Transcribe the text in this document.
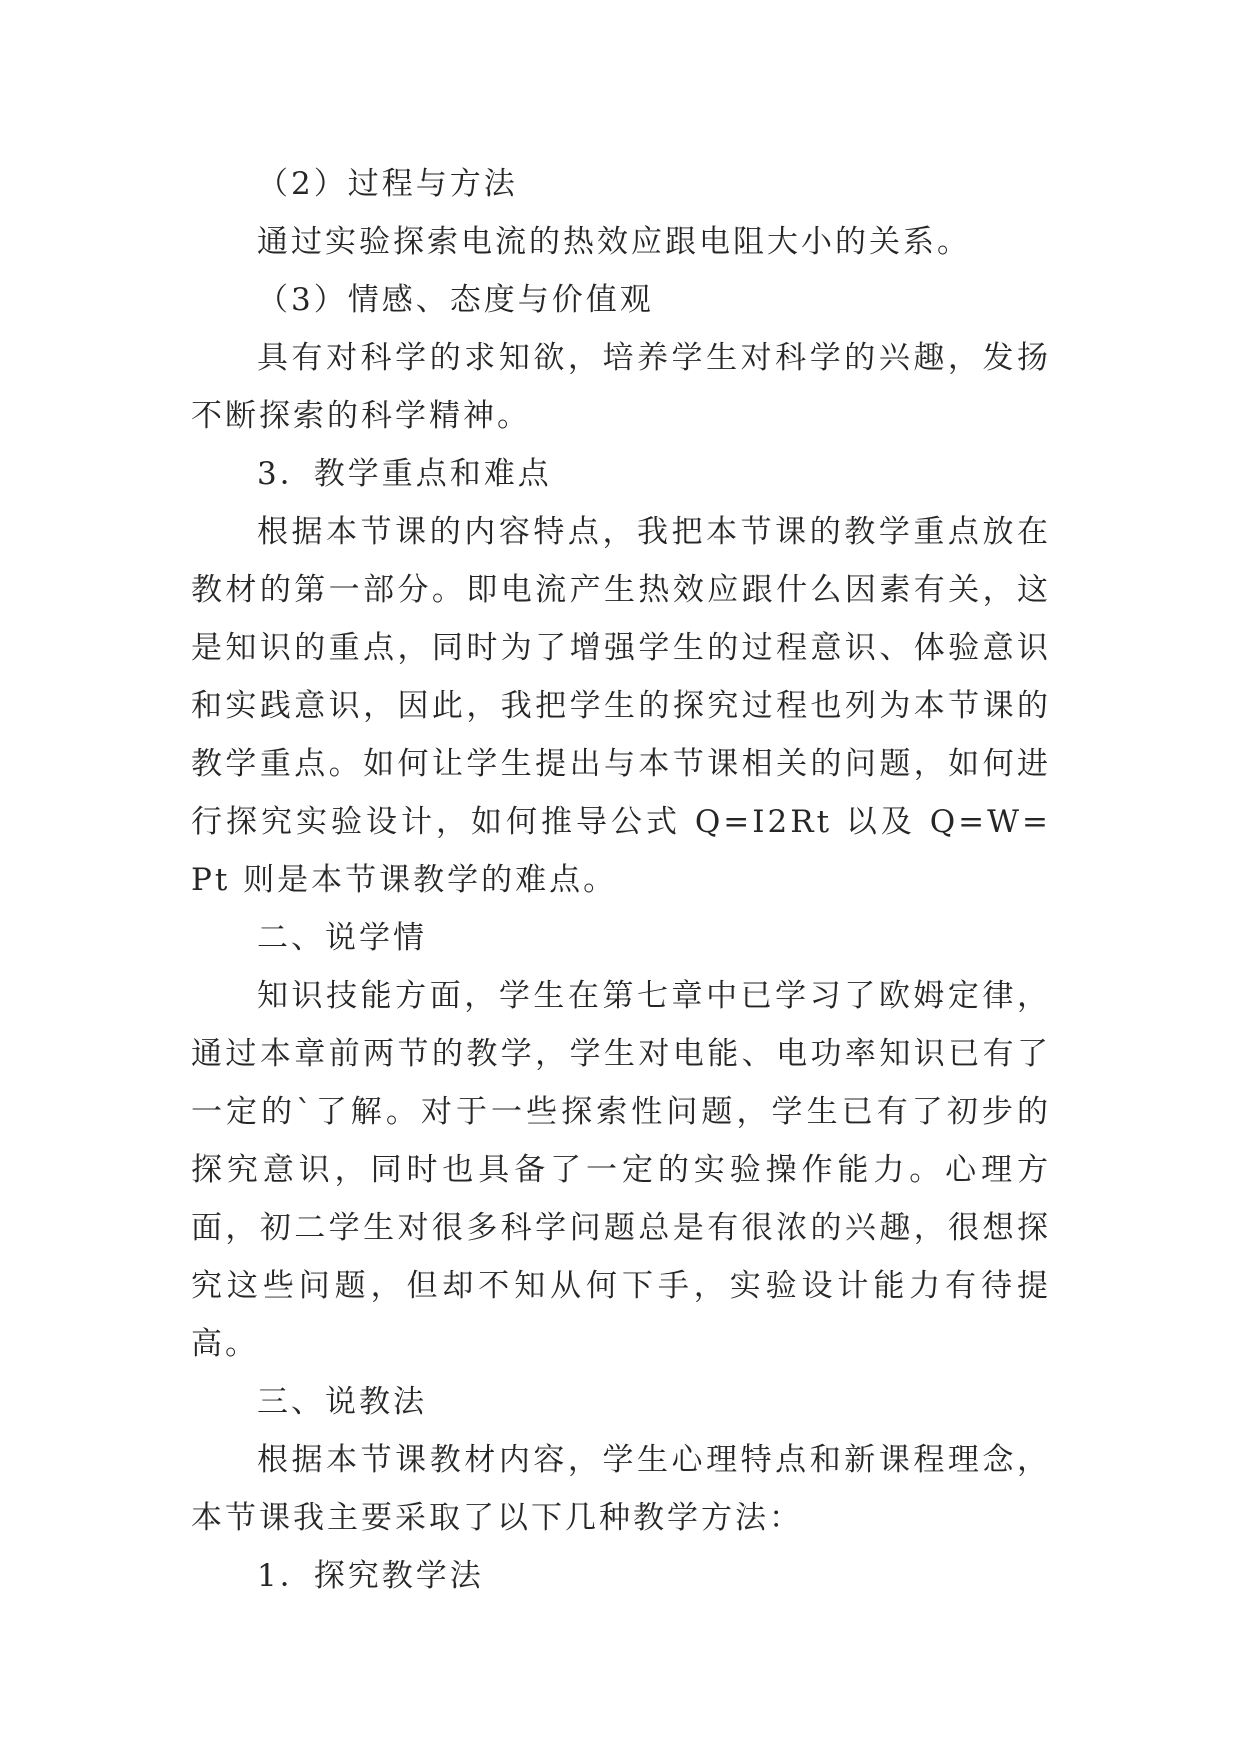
（2）过程与方法

通过实验探索电流的热效应跟电阻大小的关系。

（3）情感、态度与价值观

具有对科学的求知欲，培养学生对科学的兴趣，发扬不断探索的科学精神。

3．教学重点和难点

根据本节课的内容特点，我把本节课的教学重点放在教材的第一部分。即电流产生热效应跟什么因素有关，这是知识的重点，同时为了增强学生的过程意识、体验意识和实践意识，因此，我把学生的探究过程也列为本节课的教学重点。如何让学生提出与本节课相关的问题，如何进行探究实验设计，如何推导公式 Q=I2Rt 以及 Q=W=Pt 则是本节课教学的难点。

二、说学情

知识技能方面，学生在第七章中已学习了欧姆定律，通过本章前两节的教学，学生对电能、电功率知识已有了一定的`了解。对于一些探索性问题，学生已有了初步的探究意识，同时也具备了一定的实验操作能力。心理方面，初二学生对很多科学问题总是有很浓的兴趣，很想探究这些问题，但却不知从何下手，实验设计能力有待提高。

三、说教法

根据本节课教材内容，学生心理特点和新课程理念，本节课我主要采取了以下几种教学方法：

1．探究教学法
